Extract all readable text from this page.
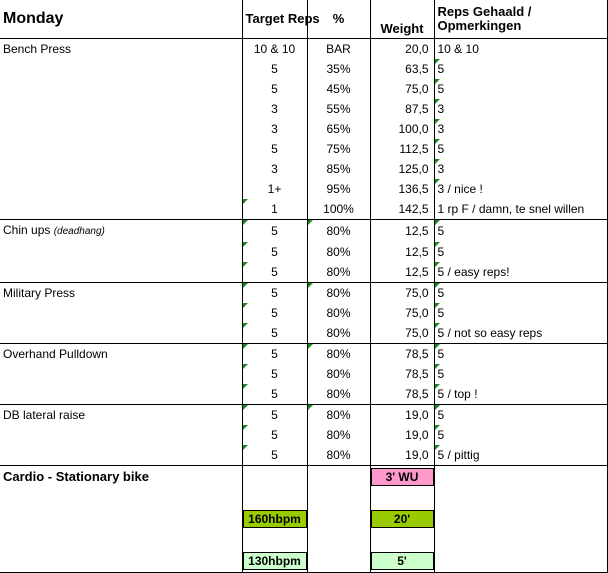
Monday	Target Reps	%	Weight	Reps Gehaald / Opmerkingen
Bench Press	10 & 10	BAR	20,0	10 & 10
	5	35%	63,5	5
	5	45%	75,0	5
	3	55%	87,5	3
	3	65%	100,0	3
	5	75%	112,5	5
	3	85%	125,0	3
	1+	95%	136,5	3 / nice !
	1	100%	142,5	1 rp F / damn, te snel willen
Chin ups (deadhang)	5	80%	12,5	5
	5	80%	12,5	5
	5	80%	12,5	5 / easy reps!
Military Press	5	80%	75,0	5
	5	80%	75,0	5
	5	80%	75,0	5 / not so easy reps
Overhand Pulldown	5	80%	78,5	5
	5	80%	78,5	5
	5	80%	78,5	5 / top !
DB lateral raise	5	80%	19,0	5
	5	80%	19,0	5
	5	80%	19,0	5 / pittig
Cardio - Stationary bike			3' WU	

	160hbpm		20'	

	130hbpm		5'	
